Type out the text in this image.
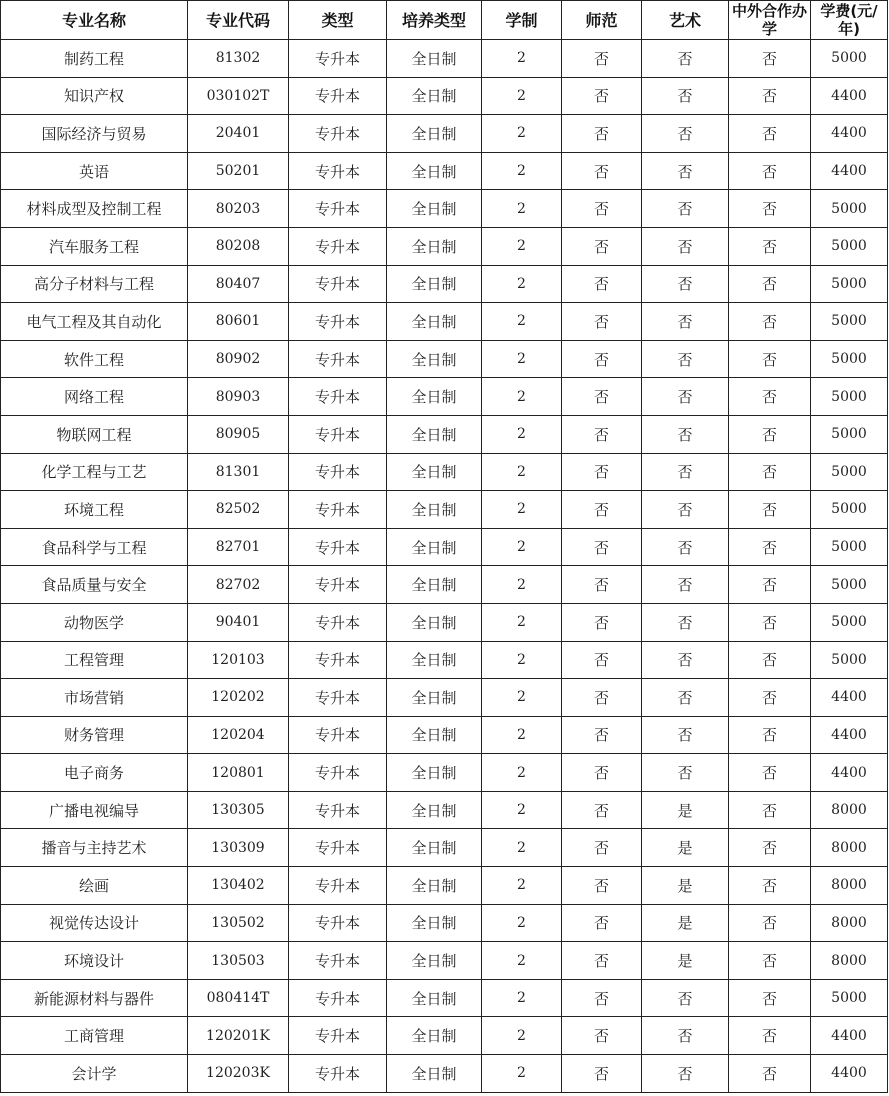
专业名称	专业代码	类型	培养类型	学制	师范	艺术	中外合作办学	学费(元/年)
制药工程	81302	专升本	全日制	2	否	否	否	5000
知识产权	030102T	专升本	全日制	2	否	否	否	4400
国际经济与贸易	20401	专升本	全日制	2	否	否	否	4400
英语	50201	专升本	全日制	2	否	否	否	4400
材料成型及控制工程	80203	专升本	全日制	2	否	否	否	5000
汽车服务工程	80208	专升本	全日制	2	否	否	否	5000
高分子材料与工程	80407	专升本	全日制	2	否	否	否	5000
电气工程及其自动化	80601	专升本	全日制	2	否	否	否	5000
软件工程	80902	专升本	全日制	2	否	否	否	5000
网络工程	80903	专升本	全日制	2	否	否	否	5000
物联网工程	80905	专升本	全日制	2	否	否	否	5000
化学工程与工艺	81301	专升本	全日制	2	否	否	否	5000
环境工程	82502	专升本	全日制	2	否	否	否	5000
食品科学与工程	82701	专升本	全日制	2	否	否	否	5000
食品质量与安全	82702	专升本	全日制	2	否	否	否	5000
动物医学	90401	专升本	全日制	2	否	否	否	5000
工程管理	120103	专升本	全日制	2	否	否	否	5000
市场营销	120202	专升本	全日制	2	否	否	否	4400
财务管理	120204	专升本	全日制	2	否	否	否	4400
电子商务	120801	专升本	全日制	2	否	否	否	4400
广播电视编导	130305	专升本	全日制	2	否	是	否	8000
播音与主持艺术	130309	专升本	全日制	2	否	是	否	8000
绘画	130402	专升本	全日制	2	否	是	否	8000
视觉传达设计	130502	专升本	全日制	2	否	是	否	8000
环境设计	130503	专升本	全日制	2	否	是	否	8000
新能源材料与器件	080414T	专升本	全日制	2	否	否	否	5000
工商管理	120201K	专升本	全日制	2	否	否	否	4400
会计学	120203K	专升本	全日制	2	否	否	否	4400
